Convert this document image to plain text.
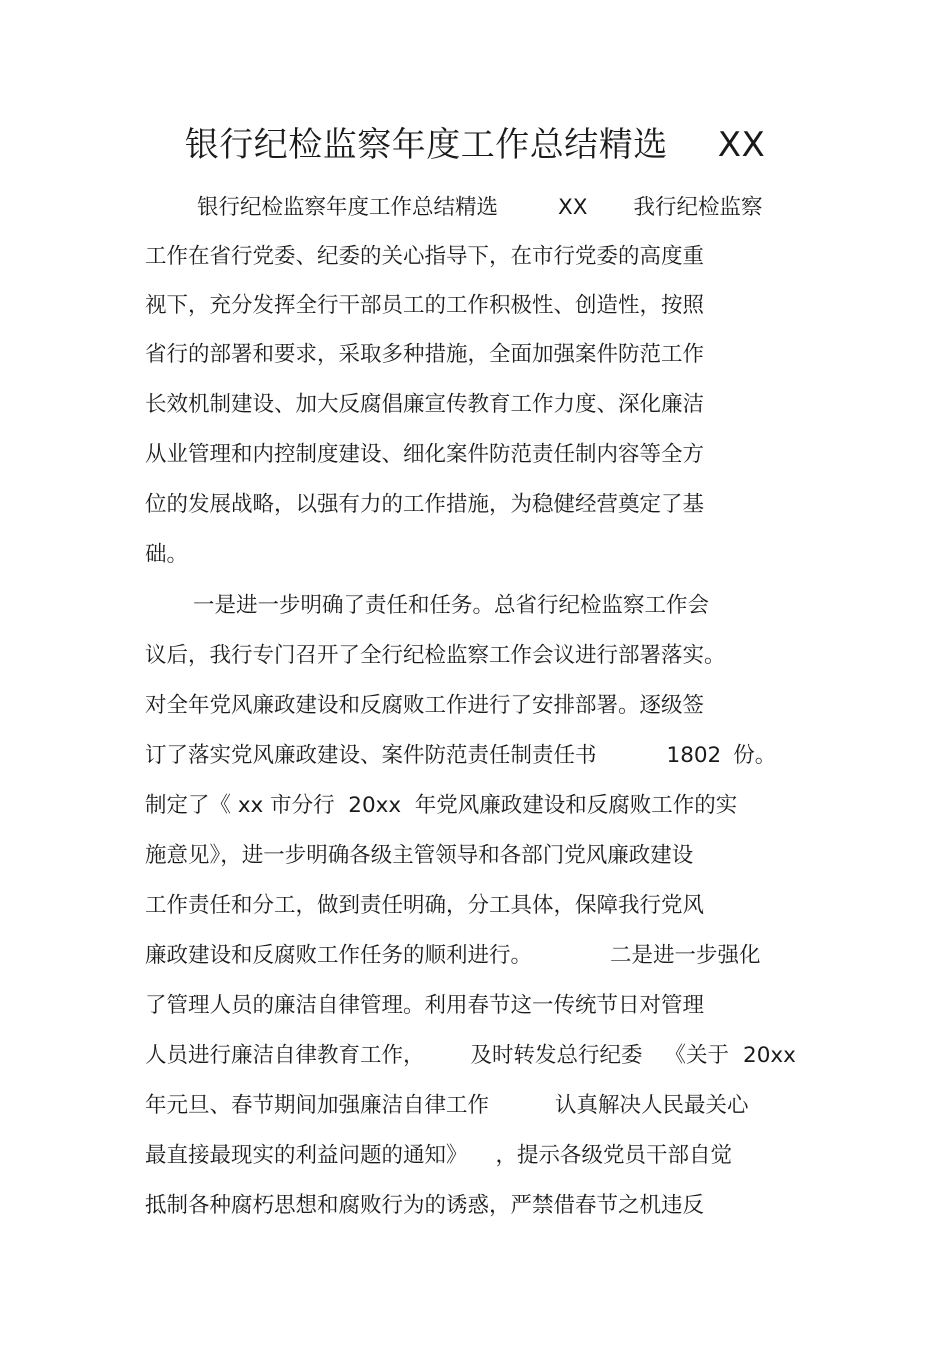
银行纪检监察年度工作总结精选 XX
银行纪检监察年度工作总结精选	XX 我行纪检监察
工作在省行党委、纪委的关心指导下，在市行党委的高度重
视下，充分发挥全行干部员工的工作积极性、创造性，按照
省行的部署和要求，采取多种措施，全面加强案件防范工作
长效机制建设、加大反腐倡廉宣传教育工作力度、深化廉洁
从业管理和内控制度建设、细化案件防范责任制内容等全方
位的发展战略，以强有力的工作措施，为稳健经营奠定了基
础。
一是进一步明确了责任和任务。总省行纪检监察工作会
议后，我行专门召开了全行纪检监察工作会议进行部署落实。
对全年党风廉政建设和反腐败工作进行了安排部署。逐级签
订了落实党风廉政建设、案件防范责任制责任书	1802 份。
制定了《 xx 市分行  20xx  年党风廉政建设和反腐败工作的实
施意见》，进一步明确各级主管领导和各部门党风廉政建设
工作责任和分工，做到责任明确，分工具体，保障我行党风
廉政建设和反腐败工作任务的顺利进行。	二是进一步强化
了管理人员的廉洁自律管理。利用春节这一传统节日对管理
人员进行廉洁自律教育工作， 及时转发总行纪委 《关于 20xx
年元旦、春节期间加强廉洁自律工作	认真解决人民最关心
最直接最现实的利益问题的通知》 ，提示各级党员干部自觉
抵制各种腐朽思想和腐败行为的诱惑，严禁借春节之机违反
